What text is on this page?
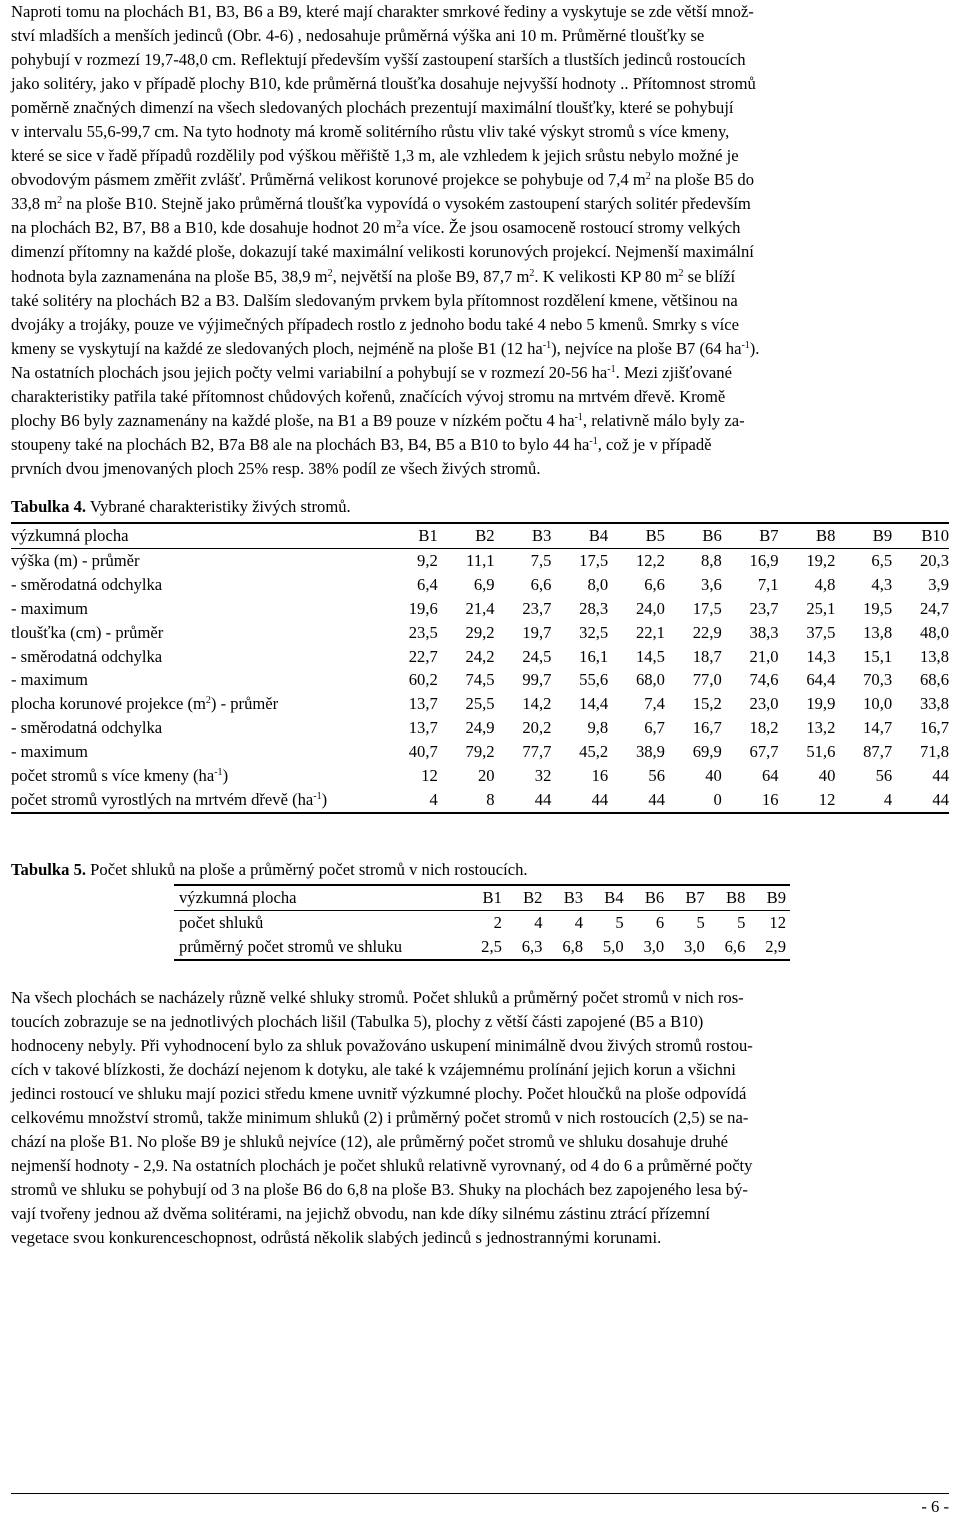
Naproti tomu na plochách B1, B3, B6 a B9, které mají charakter smrkové řediny a vyskytuje se zde větší množ-

ství mladších a menších jedinců (Obr. 4-6) , nedosahuje průměrná výška ani 10 m. Průměrné tloušťky se

pohybují v rozmezí 19,7-48,0 cm. Reflektují především vyšší zastoupení starších a tlustších jedinců rostoucích

jako solitéry, jako v případě plochy B10, kde průměrná tloušťka dosahuje nejvyšší hodnoty .. Přítomnost stromů

poměrně značných dimenzí na všech sledovaných plochách prezentují maximální tloušťky, které se pohybují

v intervalu 55,6-99,7 cm. Na tyto hodnoty má kromě solitérního růstu vliv také výskyt stromů s více kmeny,

které se sice v řadě případů rozdělily pod výškou měřiště 1,3 m, ale vzhledem k jejich srůstu nebylo možné je

obvodovým pásmem změřit zvlášť. Průměrná velikost korunové projekce se pohybuje od 7,4 $m^2$ na ploše B5 do

33,8 $m^2$ na ploše B10. Stejně jako průměrná tloušťka vypovídá o vysokém zastoupení starých solitér především

na plochách B2, B7, B8 a B10, kde dosahuje hodnot 20 $m^2a$ více. Že jsou osamoceně rostoucí stromy velkých

dimenzí přítomny na každé ploše, dokazují také maximální velikosti korunových projekcí. Nejmenší maximální

hodnota byla zaznamenána na ploše B5, 38,9 $m^2$, největší na ploše B9, 87,7 $m^2$. K velikosti KP 80 $m^2$ se blíží

také solitéry na plochách B2 a B3. Dalším sledovaným prvkem byla přítomnost rozdělení kmene, většinou na

dvojáky a trojáky, pouze ve výjimečných případech rostlo z jednoho bodu také 4 nebo 5 kmenů. Smrky s více

kmeny se vyskytují na každé ze sledovaných ploch, nejméně na ploše B1 (12 $ha^{-1}$), nejvíce na ploše B7 (64 $ha^{-1}$).

Na ostatních plochách jsou jejich počty velmi variabilní a pohybují se v rozmezí 20-56 $ha^{-1}$. Mezi zjišťované

charakteristiky patřila také přítomnost chůdových kořenů, značících vývoj stromu na mrtvém dřevě. Kromě

plochy B6 byly zaznamenány na každé ploše, na B1 a B9 pouze v nízkém počtu 4 $ha^{-1}$, relativně málo byly za-

stoupeny také na plochách B2, B7a B8 ale na plochách B3, B4, B5 a B10 to bylo 44 $ha^{-1}$, což je v případě

prvních dvou jmenovaných ploch 25% resp. 38% podíl ze všech živých stromů.

Tabulka 4. Vybrané charakteristiky živých stromů.

výzkumná plocha	B1	B2	B3	B4	B5	B6	B7	B8	B9	B10
výška (m) - průměr	9,2	11,1	7,5	17,5	12,2	8,8	16,9	19,2	6,5	20,3
- směrodatná odchylka	6,4	6,9	6,6	8,0	6,6	3,6	7,1	4,8	4,3	3,9
- maximum	19,6	21,4	23,7	28,3	24,0	17,5	23,7	25,1	19,5	24,7
tloušťka (cm) - průměr	23,5	29,2	19,7	32,5	22,1	22,9	38,3	37,5	13,8	48,0
- směrodatná odchylka	22,7	24,2	24,5	16,1	14,5	18,7	21,0	14,3	15,1	13,8
- maximum	60,2	74,5	99,7	55,6	68,0	77,0	74,6	64,4	70,3	68,6
plocha korunové projekce $(m^2)$ - průměr	13,7	25,5	14,2	14,4	7,4	15,2	23,0	19,9	10,0	33,8
- směrodatná odchylka	13,7	24,9	20,2	9,8	6,7	16,7	18,2	13,2	14,7	16,7
- maximum	40,7	79,2	77,7	45,2	38,9	69,9	67,7	51,6	87,7	71,8
počet stromů s více kmeny $(ha^{-1})$	12	20	32	16	56	40	64	40	56	44
počet stromů vyrostlých na mrtvém dřevě $(ha^{-1})$	4	8	44	44	44	0	16	12	4	44

Tabulka 5. Počet shluků na ploše a průměrný počet stromů v nich rostoucích.

výzkumná plocha	B1	B2	B3	B4	B6	B7	B8	B9
počet shluků	2	4	4	5	6	5	5	12
průměrný počet stromů ve shluku	2,5	6,3	6,8	5,0	3,0	3,0	6,6	2,9

Na všech plochách se nacházely různě velké shluky stromů. Počet shluků a průměrný počet stromů v nich ros-

toucích zobrazuje se na jednotlivých plochách lišil (Tabulka 5), plochy z větší části zapojené (B5 a B10)

hodnoceny nebyly. Při vyhodnocení bylo za shluk považováno uskupení minimálně dvou živých stromů rostou-

cích v takové blízkosti, že dochází nejenom k dotyku, ale také k vzájemnému prolínání jejich korun a všichni

jedinci rostoucí ve shluku mají pozici středu kmene uvnitř výzkumné plochy. Počet hloučků na ploše odpovídá

celkovému množství stromů, takže minimum shluků (2) i průměrný počet stromů v nich rostoucích (2,5) se na-

chází na ploše B1. No ploše B9 je shluků nejvíce (12), ale průměrný počet stromů ve shluku dosahuje druhé

nejmenší hodnoty - 2,9. Na ostatních plochách je počet shluků relativně vyrovnaný, od 4 do 6 a průměrné počty

stromů ve shluku se pohybují od 3 na ploše B6 do 6,8 na ploše B3. Shuky na plochách bez zapojeného lesa bý-

vají tvořeny jednou až dvěma solitérami, na jejichž obvodu, nan kde díky silnému zástinu ztrácí přízemní

vegetace svou konkurenceschopnost, odrůstá několik slabých jedinců s jednostrannými korunami.

- 6 -
